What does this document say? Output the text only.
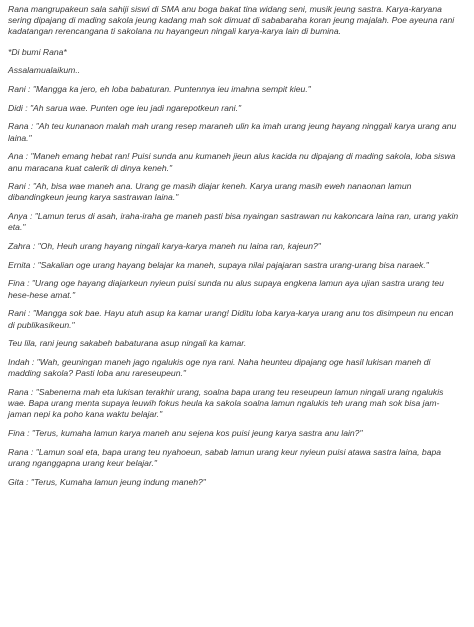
Rana mangrupakeun sala sahiji siswi di SMA anu boga bakat tina widang seni, musik jeung sastra. Karya-karyana sering dipajang di mading sakola jeung kadang mah sok dimuat di sababaraha koran jeung majalah. Poe ayeuna rani kadatangan rerencangana ti sakolana nu hayangeun ningali karya-karya lain di bumina.

*Di bumi Rana*

Assalamualaikum..

Rani : "Mangga ka jero, eh loba babaturan. Puntennya ieu imahna sempit kieu."

Didi : "Ah sarua wae. Punten oge ieu jadi ngarepotkeun rani."

Rana : "Ah teu kunanaon malah mah urang resep maraneh ulin ka imah urang jeung hayang ninggali karya urang anu laina."

Ana : "Maneh emang hebat ran! Puisi sunda anu kumaneh jieun alus kacida nu dipajang di mading sakola, loba siswa anu maracana kuat calerik di dinya keneh."

Rani : "Ah, bisa wae maneh ana. Urang ge masih diajar keneh. Karya urang masih eweh nanaonan lamun dibandingkeun jeung karya sastrawan laina."

Anya : "Lamun terus di asah, iraha-iraha ge maneh pasti bisa nyaingan sastrawan nu kakoncara laina ran, urang yakin eta."

Zahra : "Oh, Heuh urang hayang ningali karya-karya maneh nu laina ran, kajeun?"

Ernita : "Sakalian oge urang hayang belajar ka maneh, supaya nilai pajajaran sastra urang-urang bisa naraek."

Fina : "Urang oge hayang diajarkeun nyieun puisi sunda nu alus supaya engkena lamun aya ujian sastra urang teu hese-hese amat."

Rani : "Mangga sok bae. Hayu atuh asup ka kamar urang! Diditu loba karya-karya urang anu tos disimpeun nu encan di publikasikeun."

Teu lila, rani jeung sakabeh babaturana asup ningali ka kamar.

Indah : "Wah, geuningan maneh jago ngalukis oge nya rani. Naha heunteu dipajang oge hasil lukisan maneh di madding sakola? Pasti loba anu rareseupeun."

Rana : "Sabenerna mah eta lukisan terakhir urang, soalna bapa urang teu reseupeun lamun ningali urang ngalukis wae. Bapa urang menta supaya leuwih fokus heula ka sakola soalna lamun ngalukis teh urang mah sok bisa jam-jaman nepi ka poho kana waktu belajar."

Fina : "Terus, kumaha lamun karya maneh anu sejena kos puisi jeung karya sastra anu lain?"

Rana : "Lamun soal eta, bapa urang teu nyahoeun, sabab lamun urang keur nyieun puisi atawa sastra laina, bapa urang nganggapna urang keur belajar."

Gita : "Terus, Kumaha lamun jeung indung maneh?"
